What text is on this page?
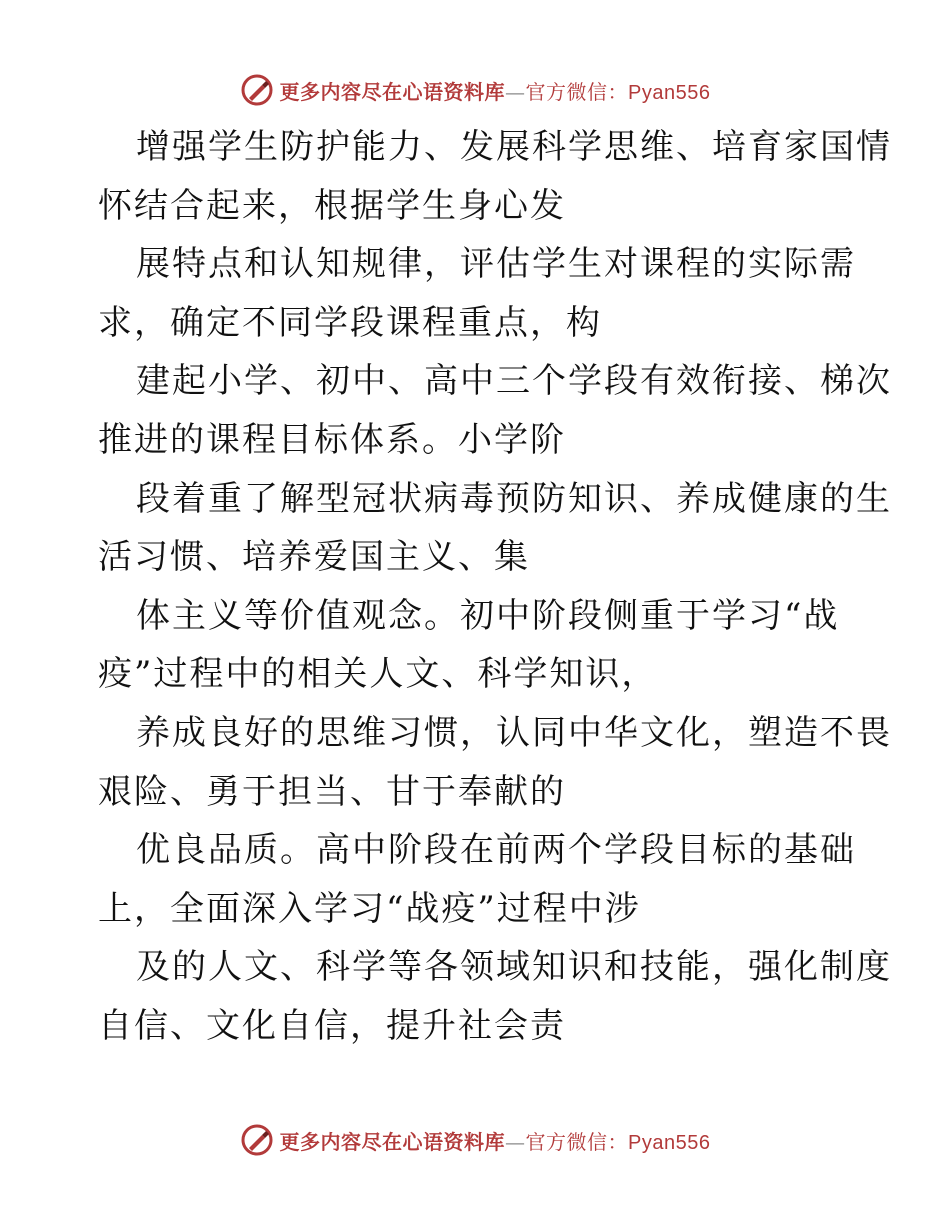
更多内容尽在心语资料库—官方微信：Pyan556
增强学生防护能力、发展科学思维、培育家国情
怀结合起来，根据学生身心发
展特点和认知规律，评估学生对课程的实际需
求，确定不同学段课程重点，构
建起小学、初中、高中三个学段有效衔接、梯次
推进的课程目标体系。小学阶
段着重了解型冠状病毒预防知识、养成健康的生
活习惯、培养爱国主义、集
体主义等价值观念。初中阶段侧重于学习“战
疫”过程中的相关人文、科学知识，
养成良好的思维习惯，认同中华文化，塑造不畏
艰险、勇于担当、甘于奉献的
优良品质。高中阶段在前两个学段目标的基础
上，全面深入学习“战疫”过程中涉
及的人文、科学等各领域知识和技能，强化制度
自信、文化自信，提升社会责
更多内容尽在心语资料库—官方微信：Pyan556
